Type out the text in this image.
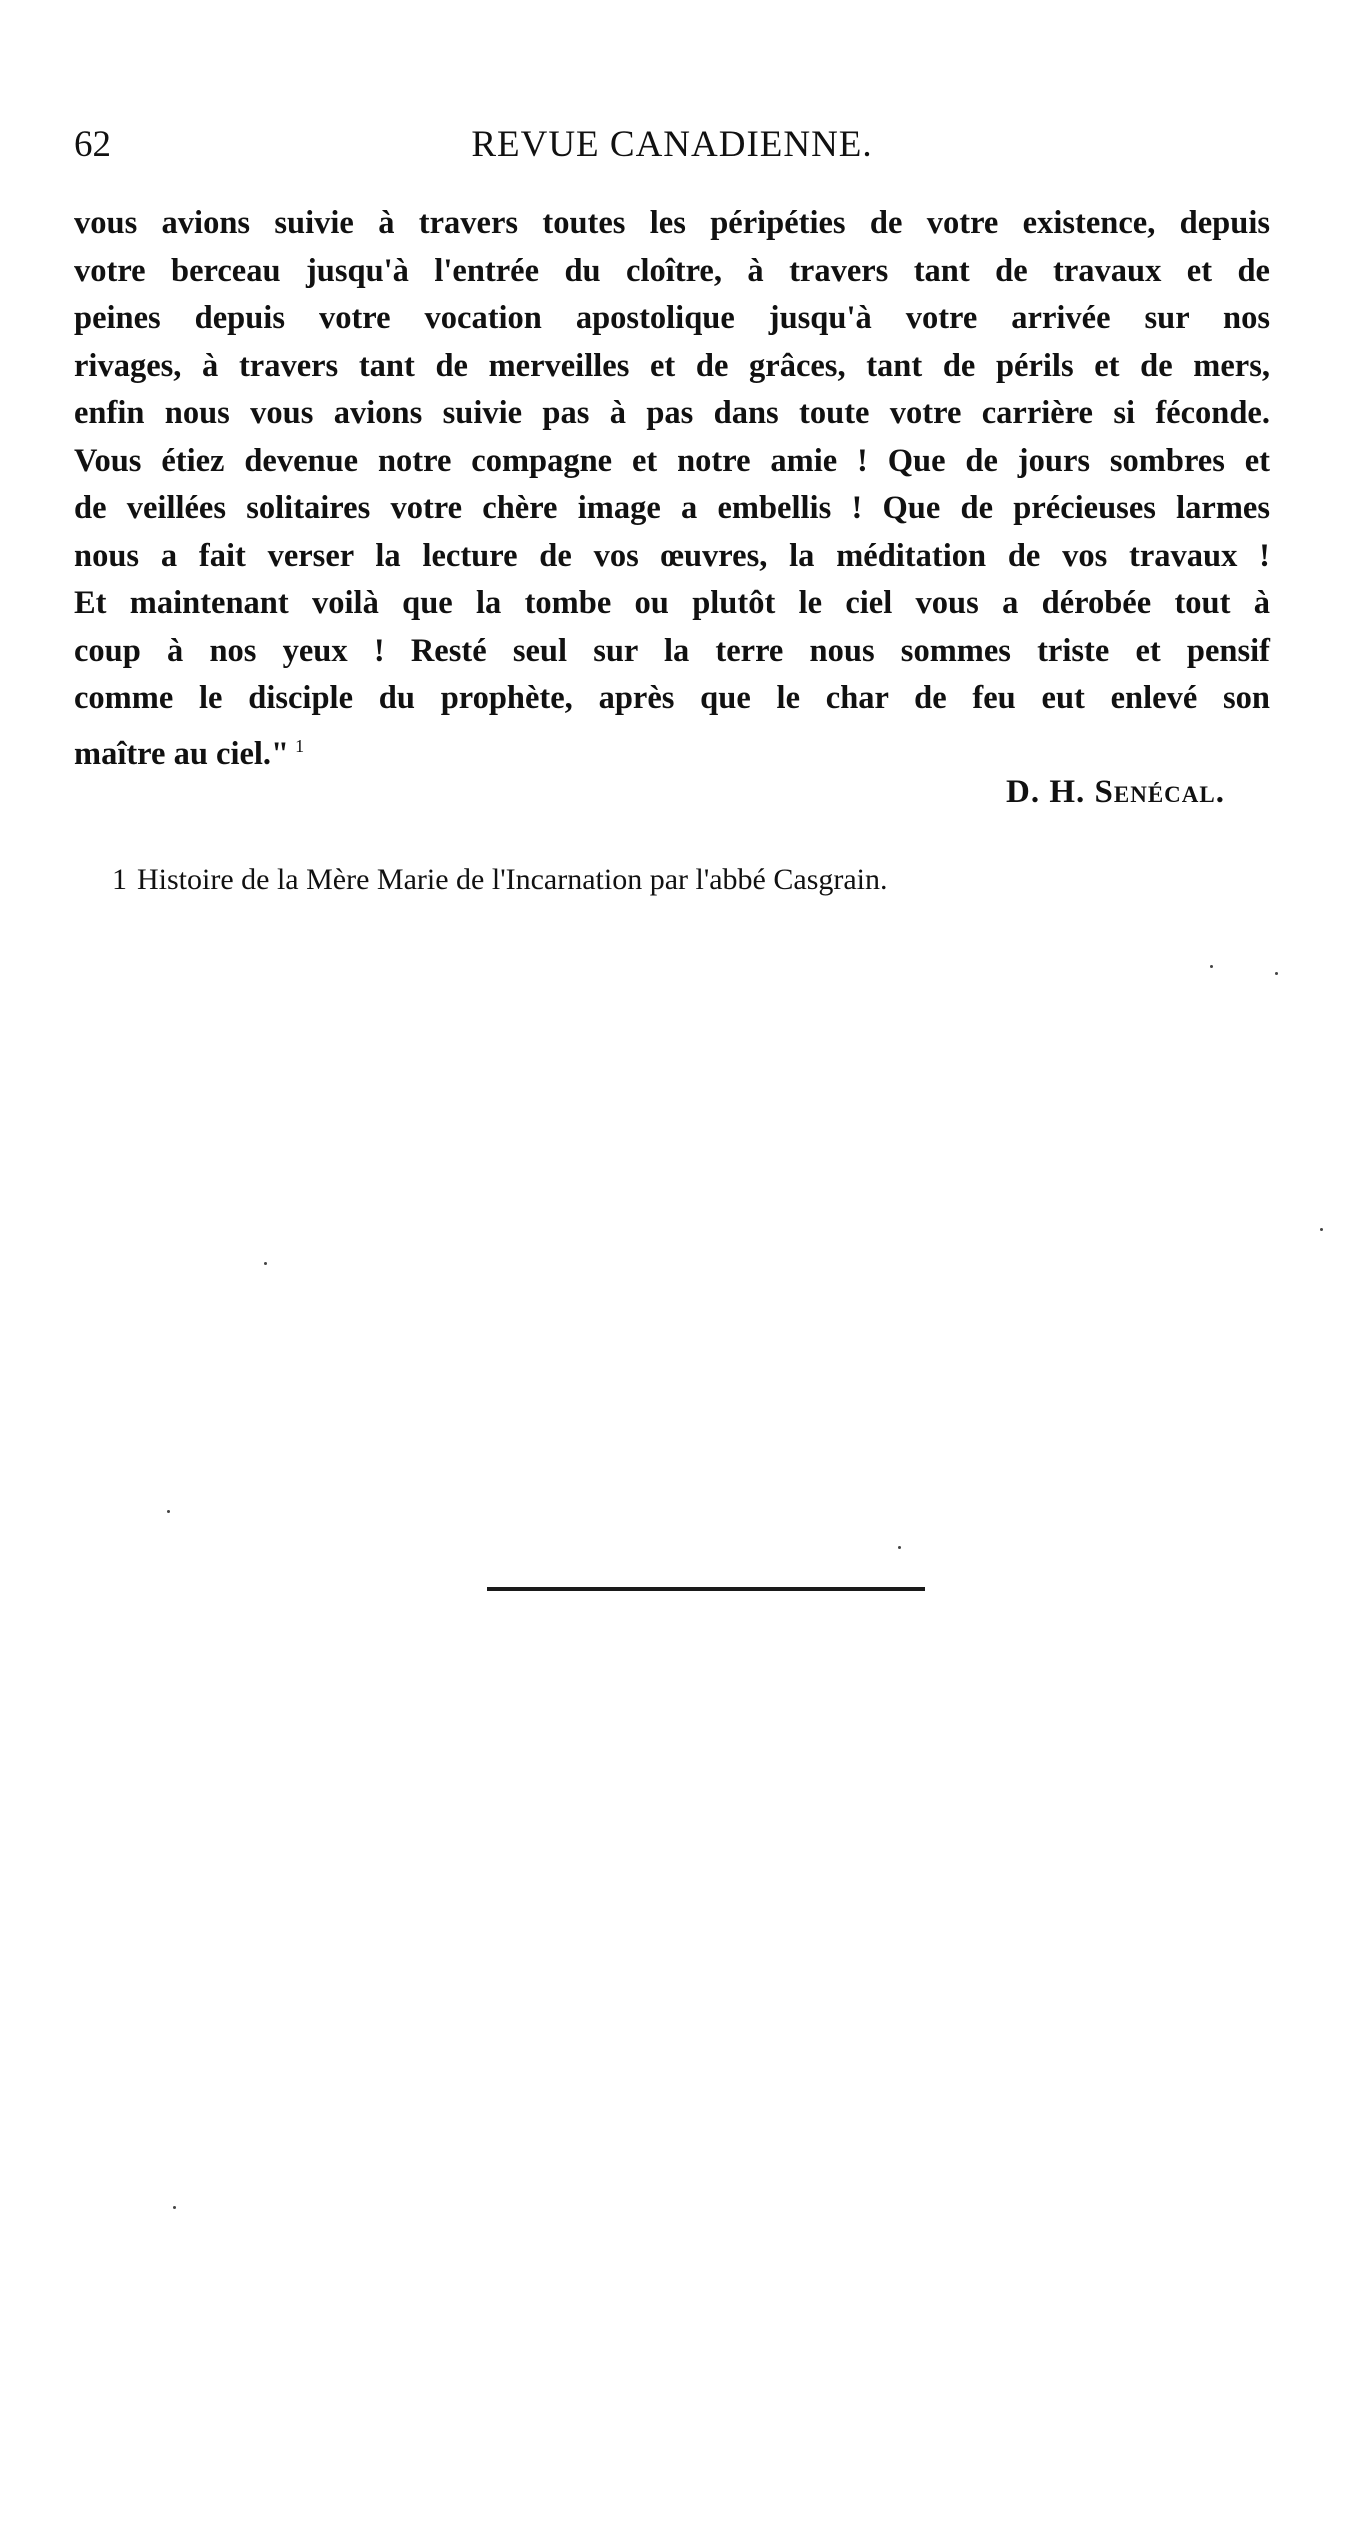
62	REVUE CANADIENNE.
vous avions suivie à travers toutes les péripéties de votre existence, depuis
votre berceau jusqu'à l'entrée du cloître, à travers tant de travaux et de
peines depuis votre vocation apostolique jusqu'à votre arrivée sur nos
rivages, à travers tant de merveilles et de grâces, tant de périls et de mers,
enfin nous vous avions suivie pas à pas dans toute votre carrière si féconde.
Vous étiez devenue notre compagne et notre amie ! Que de jours sombres et
de veillées solitaires votre chère image a embellis ! Que de précieuses larmes
nous a fait verser la lecture de vos œuvres, la méditation de vos travaux !
Et maintenant voilà que la tombe ou plutôt le ciel vous a dérobée tout à
coup à nos yeux ! Resté seul sur la terre nous sommes triste et pensif
comme le disciple du prophète, après que le char de feu eut enlevé son
maître au ciel." $^1$
D. H. Senécal.
1 Histoire de la Mère Marie de l'Incarnation par l'abbé Casgrain.
